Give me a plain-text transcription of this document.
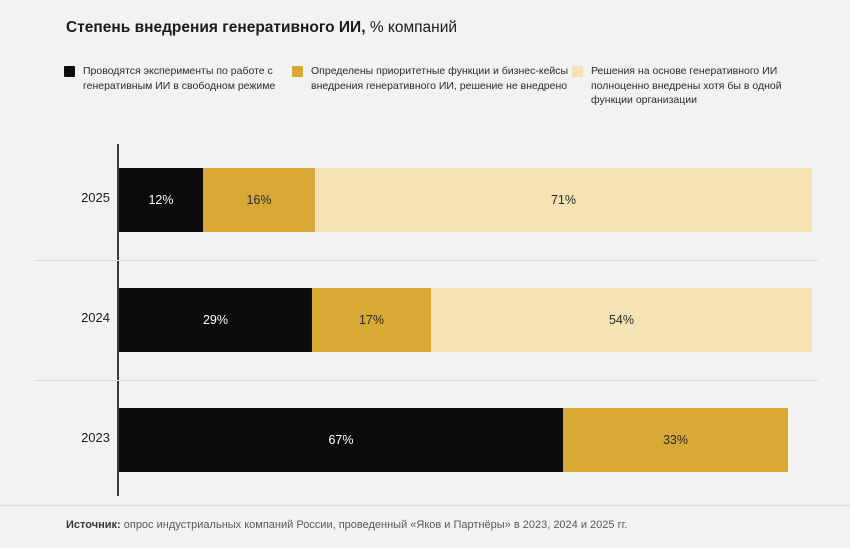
Степень внедрения генеративного ИИ, % компаний
Проводятся эксперименты по работе с генеративным ИИ в свободном режиме
Определены приоритетные функции и бизнес-кейсы внедрения генеративного ИИ, решение не внедрено
Решения на основе генеративного ИИ полноценно внедрены хотя бы в одной функции организации
2025	12%	16%	71%
2024	29%	17%	54%
2023	67%	33%
Источник: опрос индустриальных компаний России, проведенный «Яков и Партнёры» в 2023, 2024 и 2025 гг.
